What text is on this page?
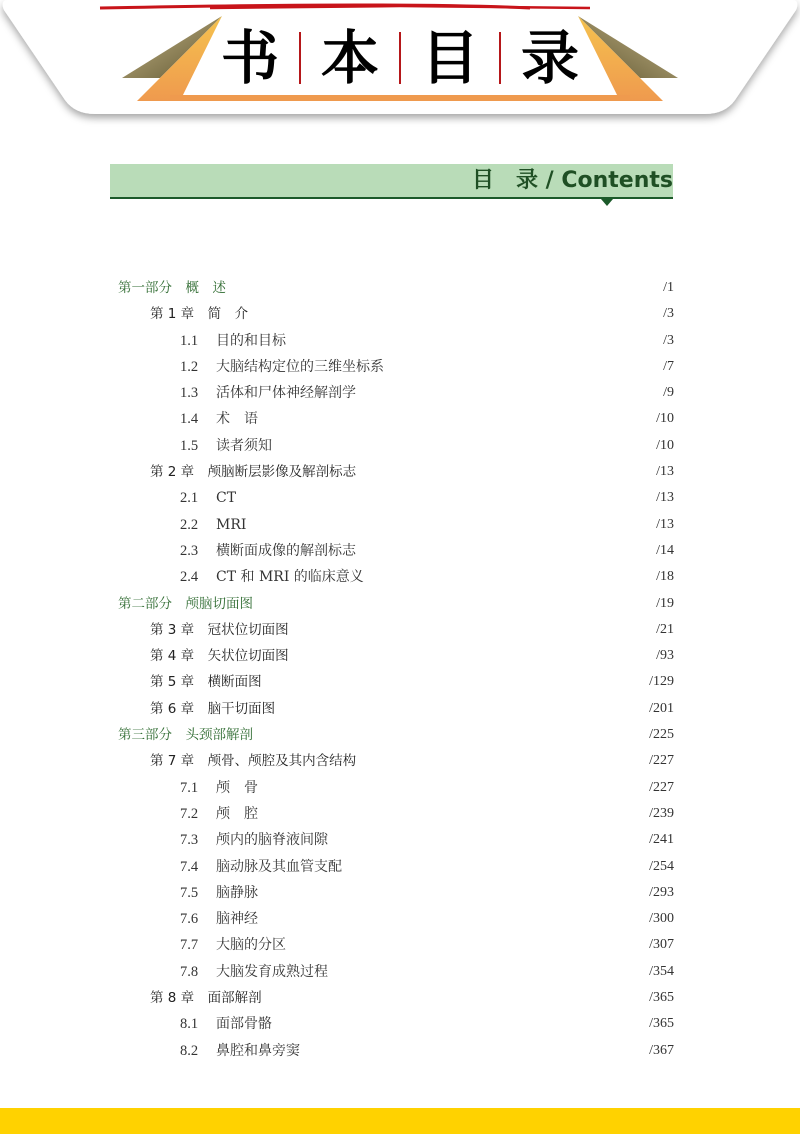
书 本 目 录
目　录 / Contents
第一部分　概　述	/1
第 1 章　简　介	/3
1.1 目的和目标	/3
1.2 大脑结构定位的三维坐标系	/7
1.3 活体和尸体神经解剖学	/9
1.4 术　语	/10
1.5 读者须知	/10
第 2 章　颅脑断层影像及解剖标志	/13
2.1 CT	/13
2.2 MRI	/13
2.3 横断面成像的解剖标志	/14
2.4 CT 和 MRI 的临床意义	/18
第二部分　颅脑切面图	/19
第 3 章　冠状位切面图	/21
第 4 章　矢状位切面图	/93
第 5 章　横断面图	/129
第 6 章　脑干切面图	/201
第三部分　头颈部解剖	/225
第 7 章　颅骨、颅腔及其内含结构	/227
7.1 颅　骨	/227
7.2 颅　腔	/239
7.3 颅内的脑脊液间隙	/241
7.4 脑动脉及其血管支配	/254
7.5 脑静脉	/293
7.6 脑神经	/300
7.7 大脑的分区	/307
7.8 大脑发育成熟过程	/354
第 8 章　面部解剖	/365
8.1 面部骨骼	/365
8.2 鼻腔和鼻旁窦	/367
